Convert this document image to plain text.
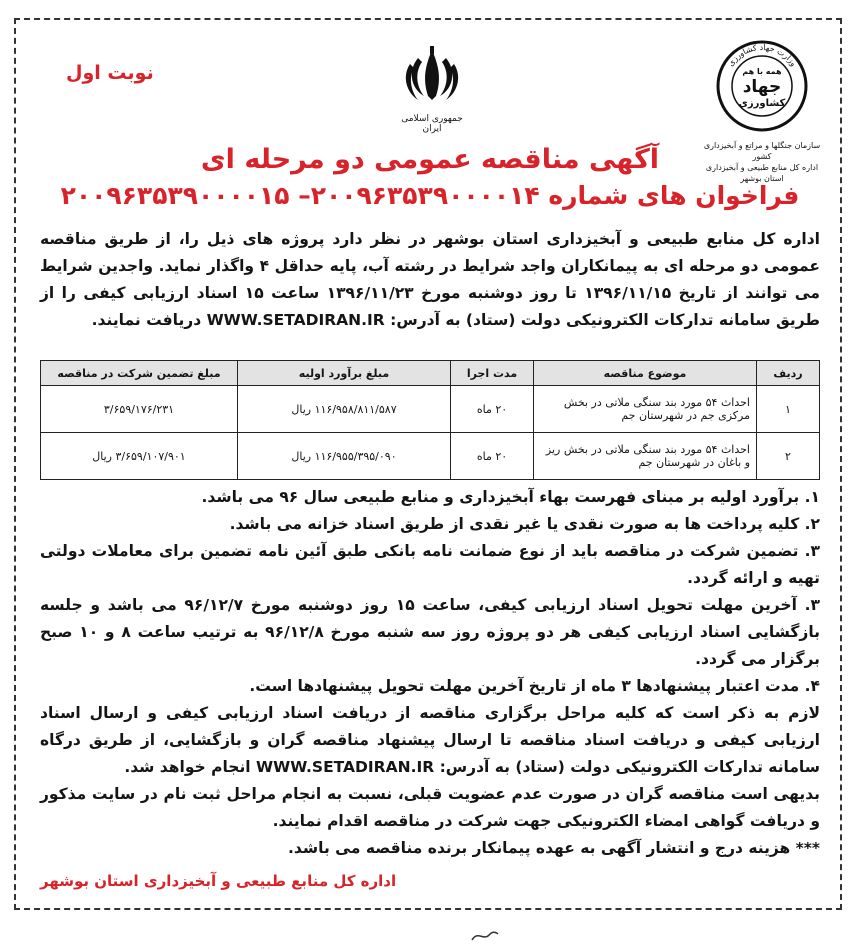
نوبت اول
جمهوری اسلامی ایران
وزارت جهاد کشاورزی
همه با هم
جهاد
کشاورزی
سازمان جنگلها و مراتع و آبخیزداری کشور
اداره کل منابع طبیعی و آبخیزداری استان بوشهر
آگهی مناقصه عمومی دو مرحله ای
فراخوان های شماره ۲۰۰۹۶۳۵۳۹۰۰۰۰۱۴– ۲۰۰۹۶۳۵۳۹۰۰۰۰۱۵
اداره کل منابع طبیعی و آبخیزداری استان بوشهر در نظر دارد پروژه های ذیل را، از طریق مناقصه عمومی دو مرحله ای به پیمانکاران واجد شرایط در رشته آب، پایه حداقل ۴ واگذار نماید. واجدین شرایط می توانند از تاریخ ۱۳۹۶/۱۱/۱۵ تا روز دوشنبه مورخ ۱۳۹۶/۱۱/۲۳ ساعت ۱۵ اسناد ارزیابی کیفی را از طریق سامانه تدارکات الکترونیکی دولت (ستاد) به آدرس: WWW.SETADIRAN.IR دریافت نمایند.
ردیف	موضوع مناقصه	مدت اجرا	مبلغ برآورد اولیه	مبلغ تضمین شرکت در مناقصه
۱	احداث ۵۴ مورد بند سنگی ملاتی در بخش مرکزی جم در شهرستان جم	۲۰ ماه	۱۱۶/۹۵۸/۸۱۱/۵۸۷ ریال	۳/۶۵۹/۱۷۶/۲۳۱
۲	احداث ۵۴ مورد بند سنگی ملاتی در بخش ریز و باغان در شهرستان جم	۲۰ ماه	۱۱۶/۹۵۵/۳۹۵/۰۹۰ ریال	۳/۶۵۹/۱۰۷/۹۰۱ ریال

۱. برآورد اولیه بر مبنای فهرست بهاء آبخیزداری و منابع طبیعی سال ۹۶ می باشد.

۲. کلیه پرداخت ها به صورت نقدی یا غیر نقدی از طریق اسناد خزانه می باشد.

۳. تضمین شرکت در مناقصه باید از نوع ضمانت نامه بانکی طبق آئین نامه تضمین برای معاملات دولتی تهیه و ارائه گردد.

۳. آخرین مهلت تحویل اسناد ارزیابی کیفی، ساعت ۱۵ روز دوشنبه مورخ ۹۶/۱۲/۷ می باشد و جلسه بازگشایی اسناد ارزیابی کیفی هر دو پروژه روز سه شنبه مورخ ۹۶/۱۲/۸ به ترتیب ساعت ۸ و ۱۰ صبح برگزار می گردد.

۴. مدت اعتبار پیشنهادها ۳ ماه از تاریخ آخرین مهلت تحویل پیشنهادها است.

لازم به ذکر است که کلیه مراحل برگزاری مناقصه از دریافت اسناد ارزیابی کیفی و ارسال اسناد ارزیابی کیفی و دریافت اسناد مناقصه تا ارسال پیشنهاد مناقصه گران و بازگشایی، از طریق درگاه سامانه تدارکات الکترونیکی دولت (ستاد) به آدرس: WWW.SETADIRAN.IR انجام خواهد شد.

بدیهی است مناقصه گران در صورت عدم عضویت قبلی، نسبت به انجام مراحل ثبت نام در سایت مذکور و دریافت گواهی امضاء الکترونیکی جهت شرکت در مناقصه اقدام نمایند.

*** هزینه درج و انتشار آگهی به عهده پیمانکار برنده مناقصه می باشد.

اداره کل منابع طبیعی و آبخیزداری استان بوشهر
